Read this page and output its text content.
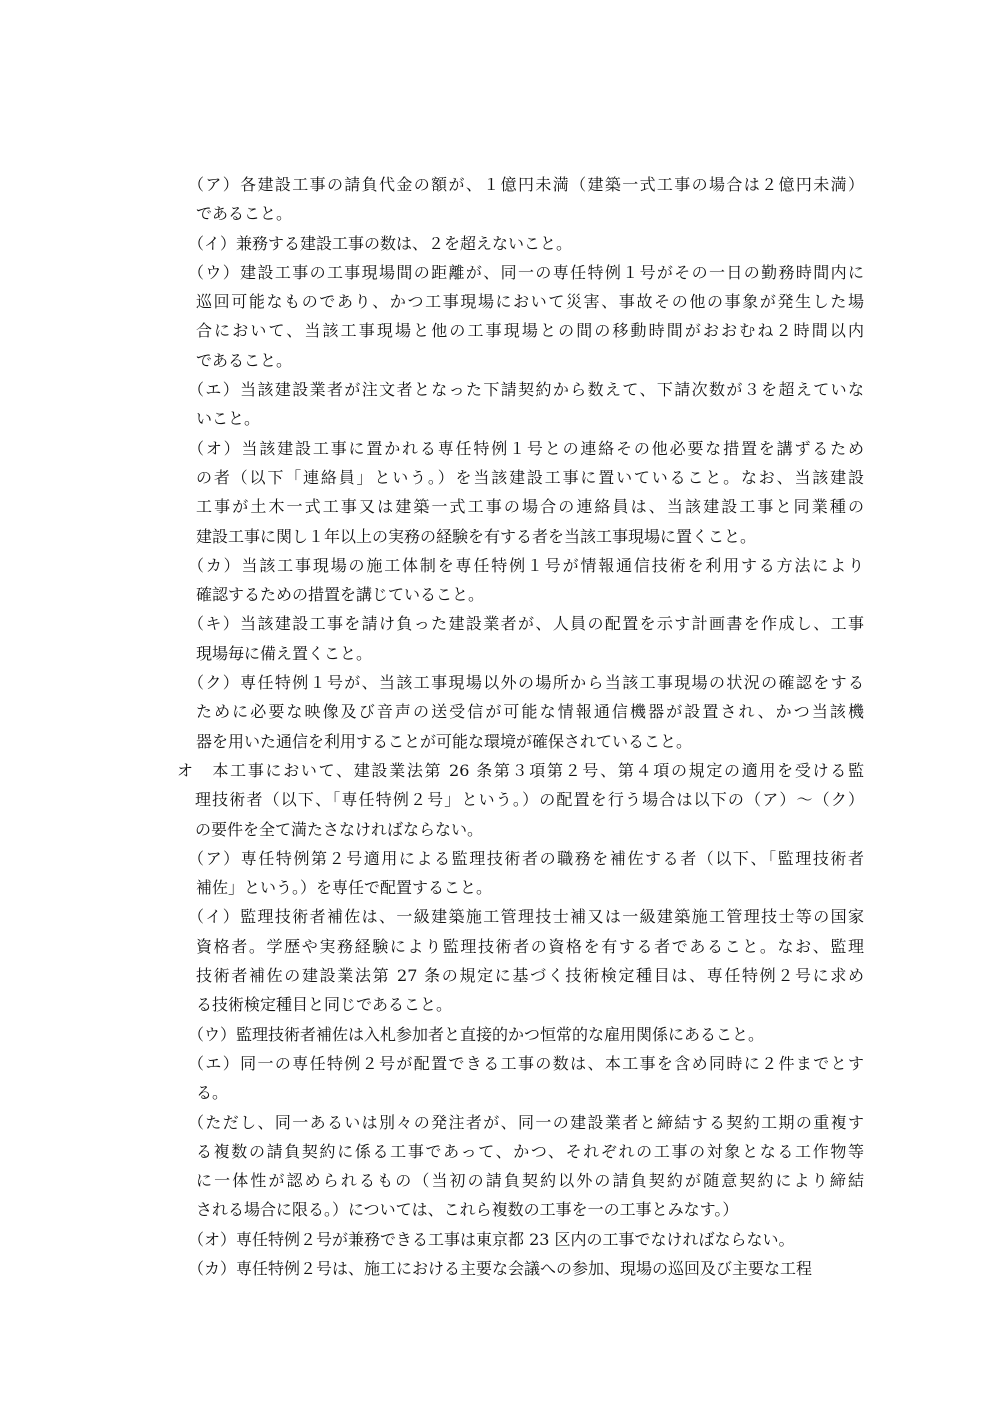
（ア）各建設工事の請負代金の額が、１億円未満（建築一式工事の場合は２億円未満）
であること。
（イ）兼務する建設工事の数は、２を超えないこと。
（ウ）建設工事の工事現場間の距離が、同一の専任特例１号がその一日の勤務時間内に
巡回可能なものであり、かつ工事現場において災害、事故その他の事象が発生した場
合において、当該工事現場と他の工事現場との間の移動時間がおおむね２時間以内
であること。
（エ）当該建設業者が注文者となった下請契約から数えて、下請次数が３を超えていな
いこと。
（オ）当該建設工事に置かれる専任特例１号との連絡その他必要な措置を講ずるため
の者（以下「連絡員」という。）を当該建設工事に置いていること。なお、当該建設
工事が土木一式工事又は建築一式工事の場合の連絡員は、当該建設工事と同業種の
建設工事に関し１年以上の実務の経験を有する者を当該工事現場に置くこと。
（カ）当該工事現場の施工体制を専任特例１号が情報通信技術を利用する方法により
確認するための措置を講じていること。
（キ）当該建設工事を請け負った建設業者が、人員の配置を示す計画書を作成し、工事
現場毎に備え置くこと。
（ク）専任特例１号が、当該工事現場以外の場所から当該工事現場の状況の確認をする
ために必要な映像及び音声の送受信が可能な情報通信機器が設置され、かつ当該機
器を用いた通信を利用することが可能な環境が確保されていること。
オ　本工事において、建設業法第 26 条第３項第２号、第４項の規定の適用を受ける監
理技術者（以下、「専任特例２号」という。）の配置を行う場合は以下の（ア）～（ク）
の要件を全て満たさなければならない。
（ア）専任特例第２号適用による監理技術者の職務を補佐する者（以下、「監理技術者
補佐」という。）を専任で配置すること。
（イ）監理技術者補佐は、一級建築施工管理技士補又は一級建築施工管理技士等の国家
資格者。学歴や実務経験により監理技術者の資格を有する者であること。なお、監理
技術者補佐の建設業法第 27 条の規定に基づく技術検定種目は、専任特例２号に求め
る技術検定種目と同じであること。
（ウ）監理技術者補佐は入札参加者と直接的かつ恒常的な雇用関係にあること。
（エ）同一の専任特例２号が配置できる工事の数は、本工事を含め同時に２件までとす
る。
（ただし、同一あるいは別々の発注者が、同一の建設業者と締結する契約工期の重複す
る複数の請負契約に係る工事であって、かつ、それぞれの工事の対象となる工作物等
に一体性が認められるもの（当初の請負契約以外の請負契約が随意契約により締結
される場合に限る。）については、これら複数の工事を一の工事とみなす。）
（オ）専任特例２号が兼務できる工事は東京都 23 区内の工事でなければならない。
（カ）専任特例２号は、施工における主要な会議への参加、現場の巡回及び主要な工程
